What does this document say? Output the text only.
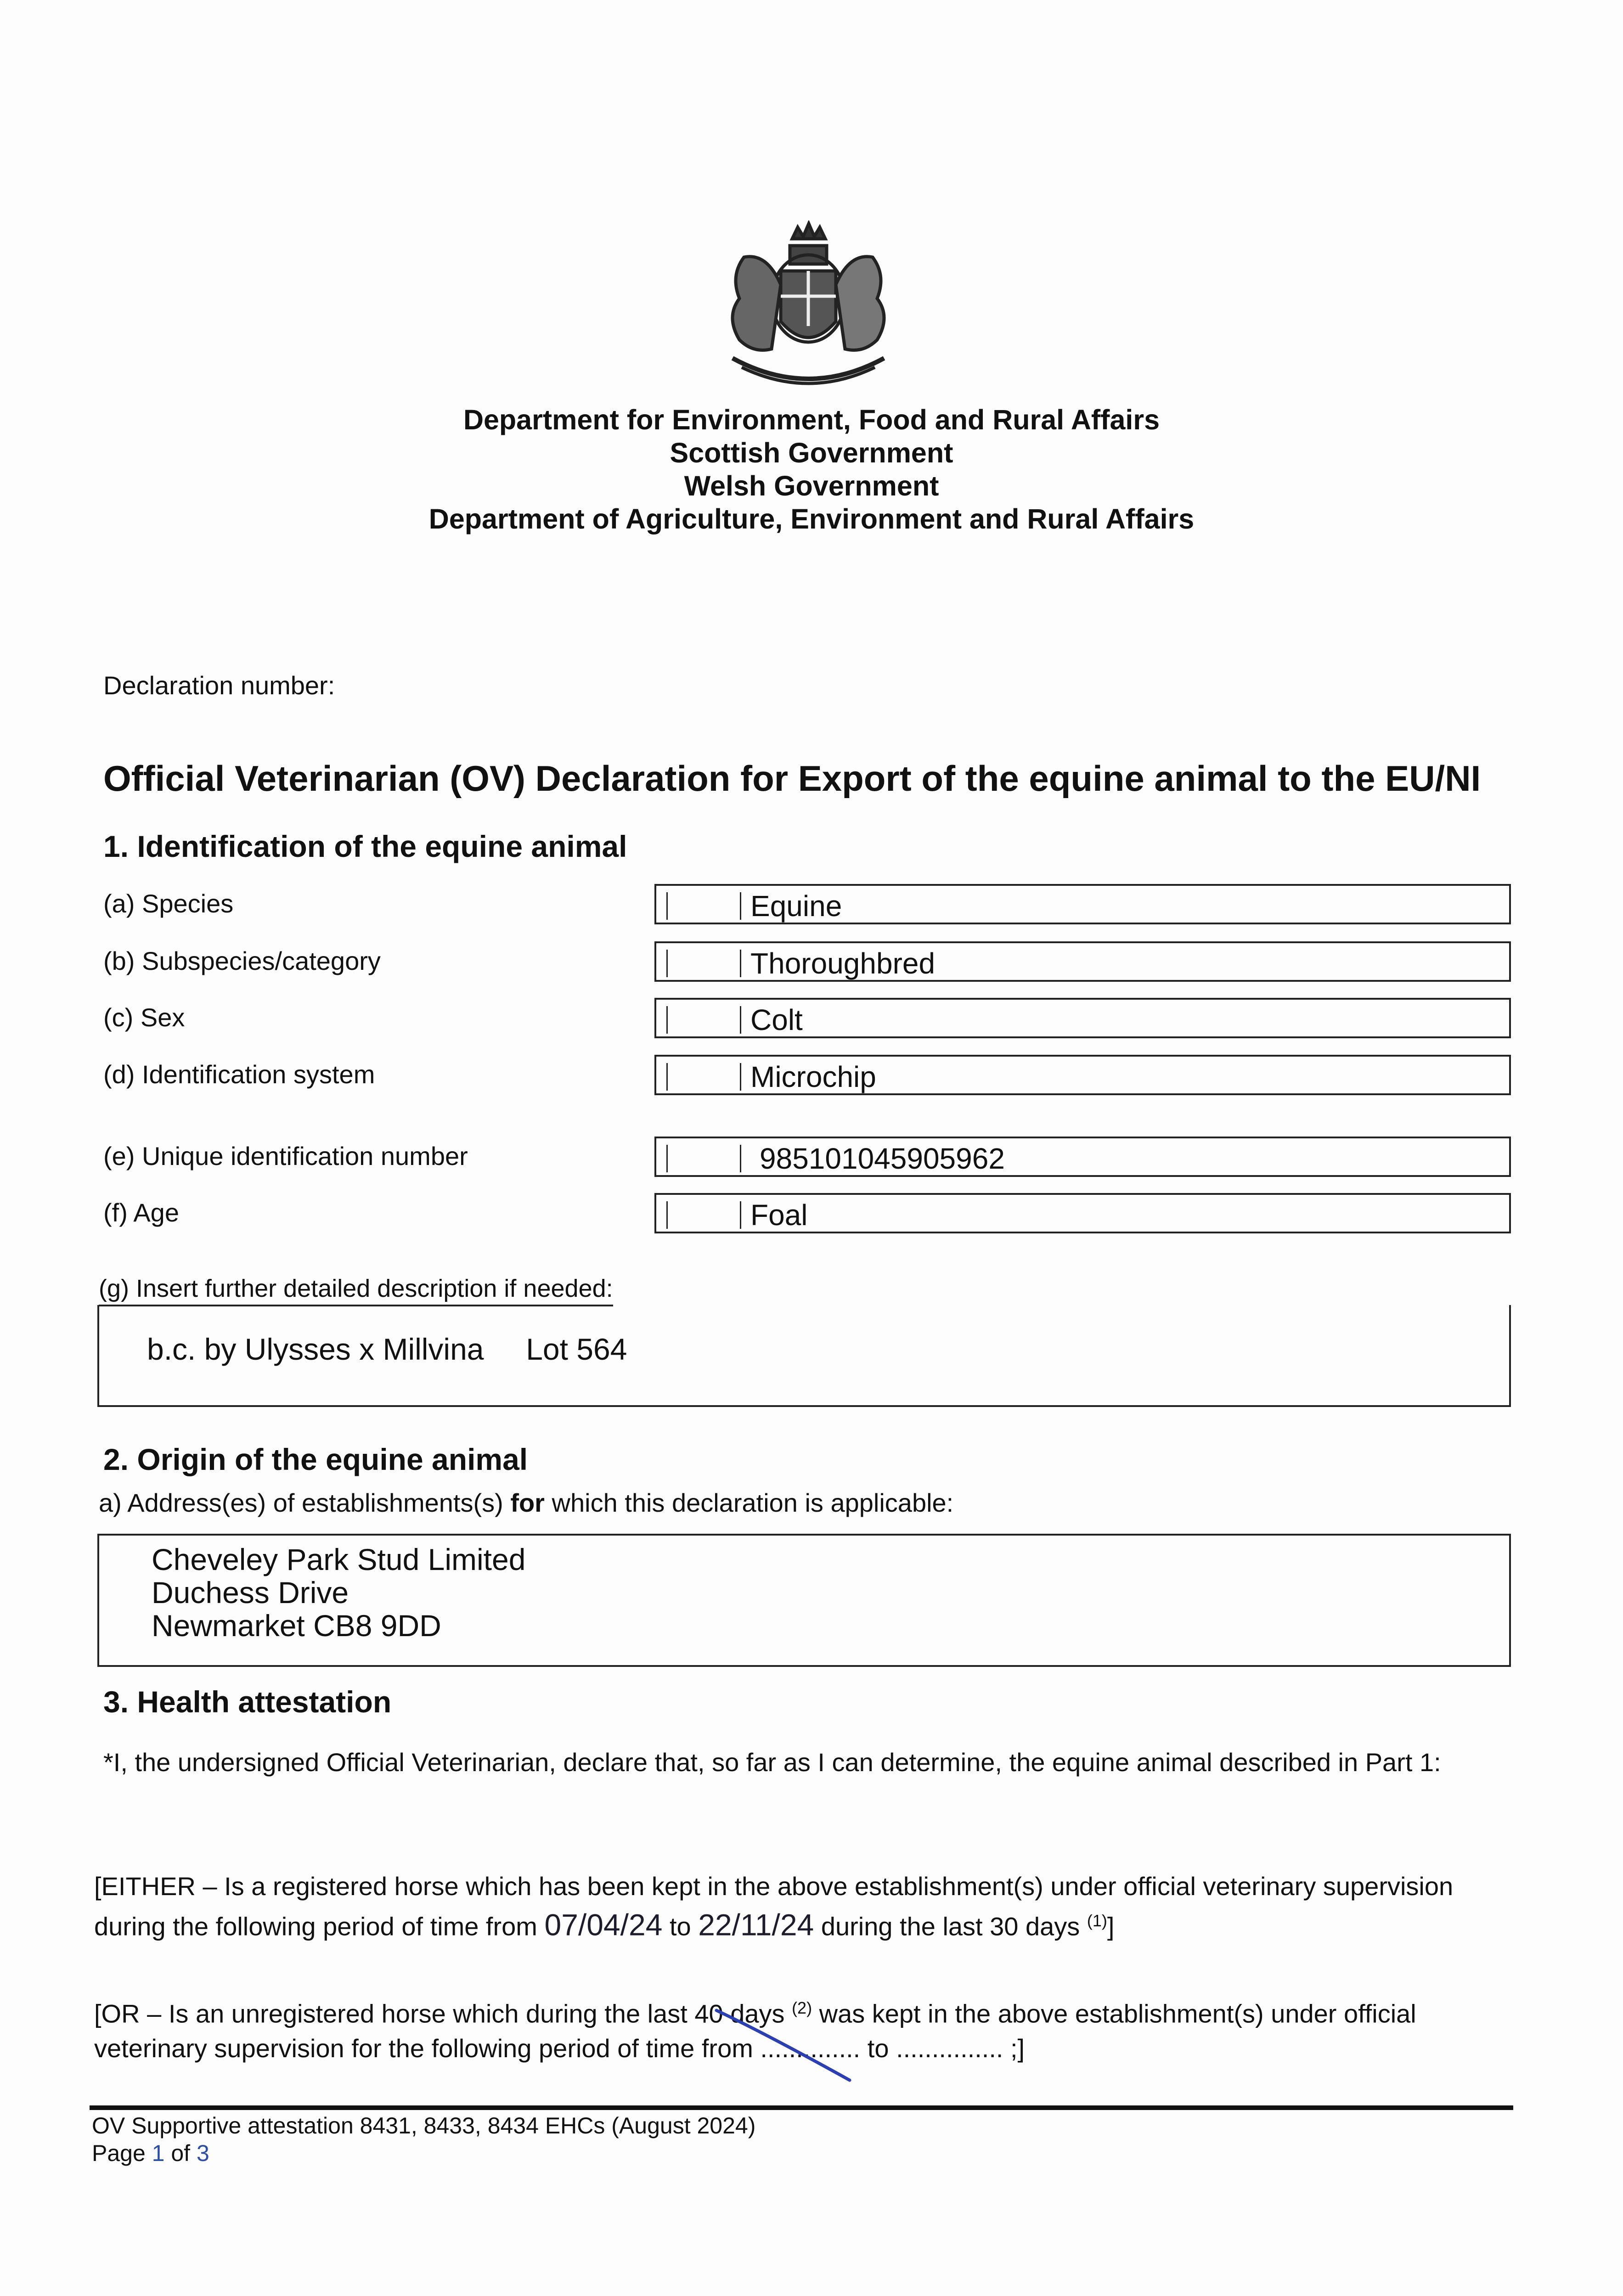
Department for Environment, Food and Rural Affairs
Scottish Government
Welsh Government
Department of Agriculture, Environment and Rural Affairs
Declaration number:
Official Veterinarian (OV) Declaration for Export of the equine animal to the EU/NI
1. Identification of the equine animal
(a) Species	Equine
(b) Subspecies/category	Thoroughbred
(c) Sex	Colt
(d) Identification system	Microchip
(e) Unique identification number	985101045905962
(f) Age	Foal
(g) Insert further detailed description if needed:
b.c. by Ulysses x Millvina     Lot 564
2. Origin of the equine animal
a) Address(es) of establishments(s) for which this declaration is applicable:
Cheveley Park Stud Limited
Duchess Drive
Newmarket CB8 9DD
3. Health attestation
*I, the undersigned Official Veterinarian, declare that, so far as I can determine, the equine animal described in Part 1:
[EITHER – Is a registered horse which has been kept in the above establishment(s) under official veterinary supervision during the following period of time from 07/04/24 to 22/11/24 during the last 30 days $^{(1)}$]
[OR – Is an unregistered horse which during the last 40 days $^{(2)}$ was kept in the above establishment(s) under official veterinary supervision for the following period of time from .............. to ............... ;]
OV Supportive attestation 8431, 8433, 8434 EHCs (August 2024)
Page 1 of 3
